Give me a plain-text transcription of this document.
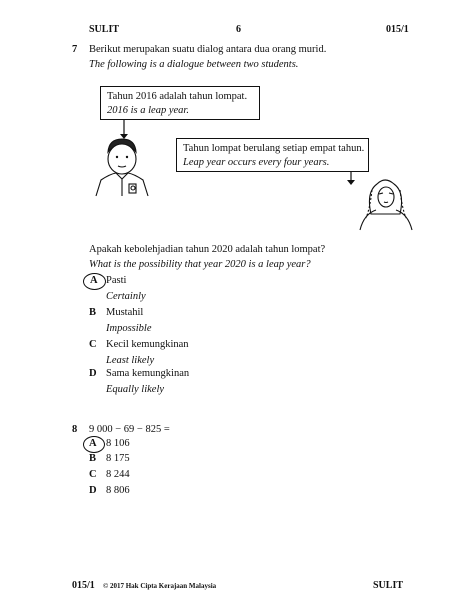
SULIT	6	015/1
7 Berikut merupakan suatu dialog antara dua orang murid.
The following is a dialogue between two students.
Tahun 2016 adalah tahun lompat.
2016 is a leap year.
Tahun lompat berulang setiap empat tahun.
Leap year occurs every four years.
Apakah kebolehjadian tahun 2020 adalah tahun lompat?
What is the possibility that year 2020 is a leap year?
A Pasti
Certainly
B Mustahil
Impossible
C Kecil kemungkinan
Least likely
D Sama kemungkinan
Equally likely
8 9 000 − 69 − 825 =
A 8 106
B 8 175
C 8 244
D 8 806
015/1 © 2017 Hak Cipta Kerajaan Malaysia	SULIT
